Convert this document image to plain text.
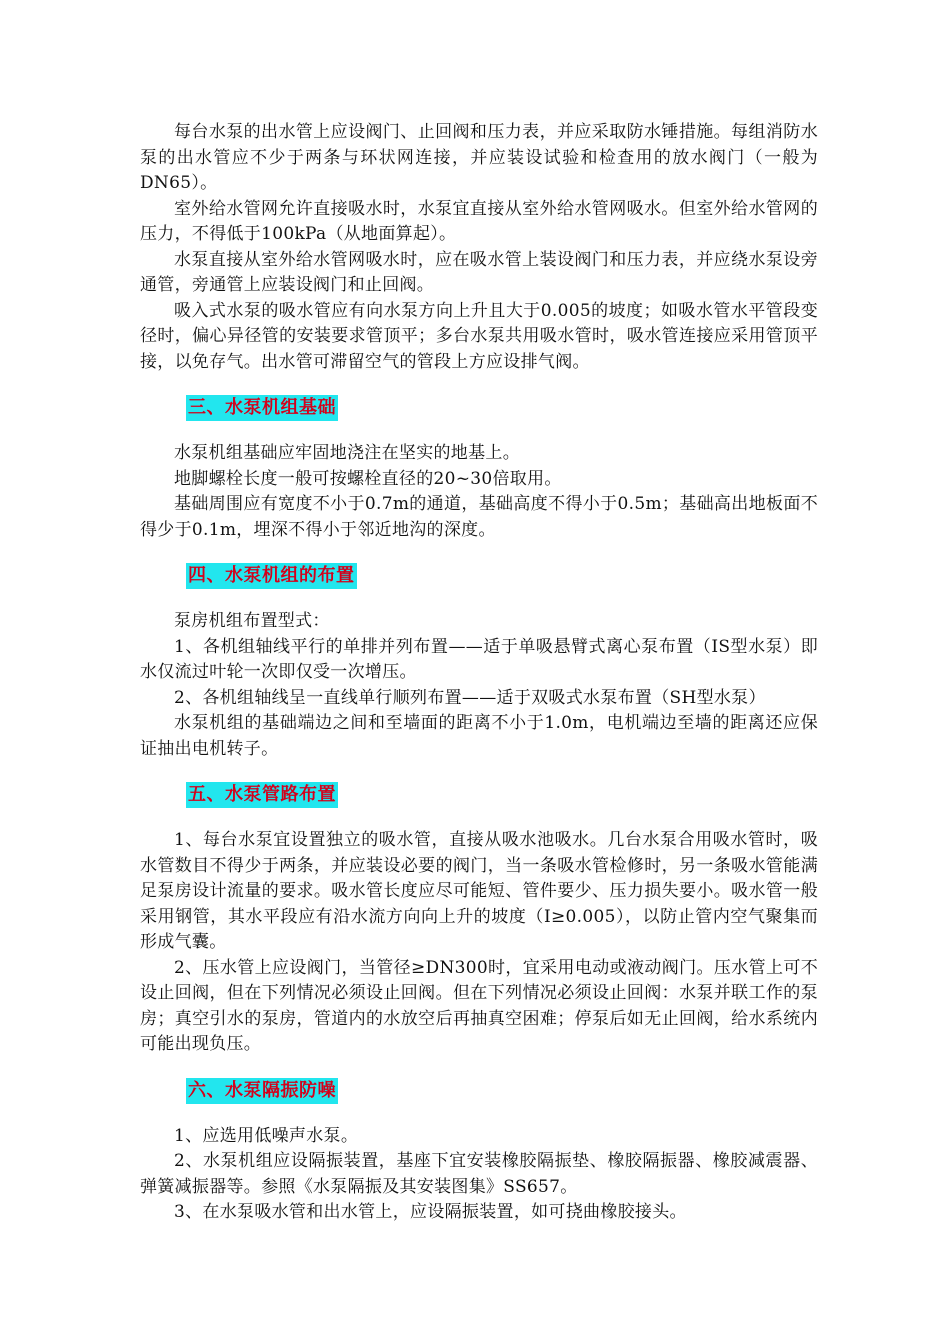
每台水泵的出水管上应设阀门、止回阀和压力表，并应采取防水锤措施。每组消防水泵的出水管应不少于两条与环状网连接，并应装设试验和检查用的放水阀门（一般为DN65）。

室外给水管网允许直接吸水时，水泵宜直接从室外给水管网吸水。但室外给水管网的压力，不得低于100kPa（从地面算起）。

水泵直接从室外给水管网吸水时，应在吸水管上装设阀门和压力表，并应绕水泵设旁通管，旁通管上应装设阀门和止回阀。

吸入式水泵的吸水管应有向水泵方向上升且大于0.005的坡度；如吸水管水平管段变径时，偏心异径管的安装要求管顶平；多台水泵共用吸水管时，吸水管连接应采用管顶平接，以免存气。出水管可滞留空气的管段上方应设排气阀。

三、水泵机组基础

水泵机组基础应牢固地浇注在坚实的地基上。

地脚螺栓长度一般可按螺栓直径的20~30倍取用。

基础周围应有宽度不小于0.7m的通道，基础高度不得小于0.5m；基础高出地板面不得少于0.1m，埋深不得小于邻近地沟的深度。

四、水泵机组的布置

泵房机组布置型式：

1、各机组轴线平行的单排并列布置——适于单吸悬臂式离心泵布置（IS型水泵）即水仅流过叶轮一次即仅受一次增压。

2、各机组轴线呈一直线单行顺列布置——适于双吸式水泵布置（SH型水泵）

水泵机组的基础端边之间和至墙面的距离不小于1.0m，电机端边至墙的距离还应保证抽出电机转子。

五、水泵管路布置

1、每台水泵宜设置独立的吸水管，直接从吸水池吸水。几台水泵合用吸水管时，吸水管数目不得少于两条，并应装设必要的阀门，当一条吸水管检修时，另一条吸水管能满足泵房设计流量的要求。吸水管长度应尽可能短、管件要少、压力损失要小。吸水管一般采用钢管，其水平段应有沿水流方向向上升的坡度（I≥0.005），以防止管内空气聚集而形成气囊。

2、压水管上应设阀门，当管径≥DN300时，宜采用电动或液动阀门。压水管上可不设止回阀，但在下列情况必须设止回阀。但在下列情况必须设止回阀：水泵并联工作的泵房；真空引水的泵房，管道内的水放空后再抽真空困难；停泵后如无止回阀，给水系统内可能出现负压。

六、水泵隔振防噪

1、应选用低噪声水泵。

2、水泵机组应设隔振装置，基座下宜安装橡胶隔振垫、橡胶隔振器、橡胶减震器、弹簧减振器等。参照《水泵隔振及其安装图集》SS657。

3、在水泵吸水管和出水管上，应设隔振装置，如可挠曲橡胶接头。
